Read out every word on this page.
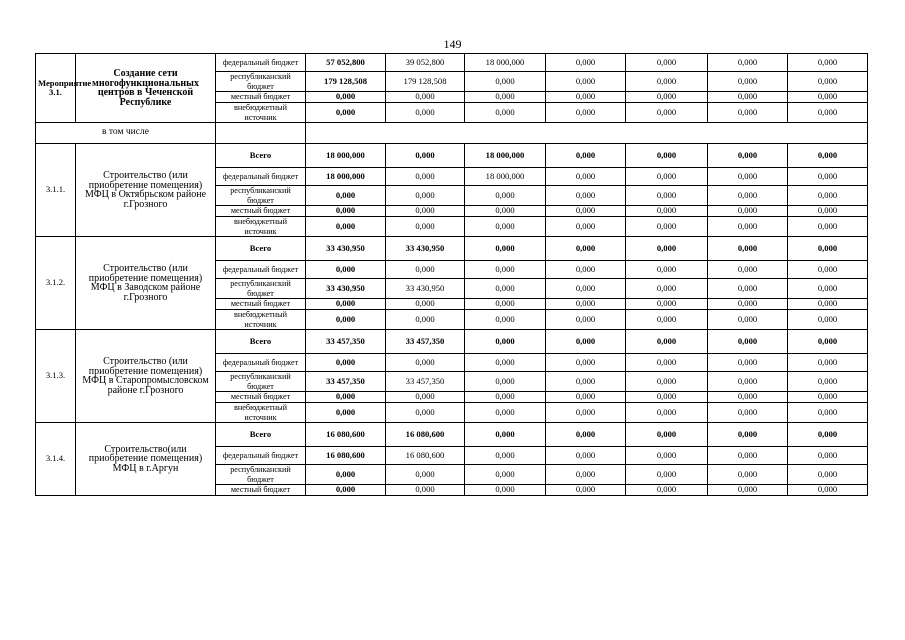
149
Мероприятие 3.1.	Создание сети многофункциональных центров в Чеченской Республике	федеральный бюджет	57 052,800	39 052,800	18 000,000	0,000	0,000	0,000	0,000
		республиканский бюджет	179 128,508	179 128,508	0,000	0,000	0,000	0,000	0,000
		местный бюджет	0,000	0,000	0,000	0,000	0,000	0,000	0,000
		внебюджетный источник	0,000	0,000	0,000	0,000	0,000	0,000	0,000
в том числе									
3.1.1.	Строительство (или приобретение помещения) МФЦ в Октябрьском районе г.Грозного	Всего	18 000,000	0,000	18 000,000	0,000	0,000	0,000	0,000
		федеральный бюджет	18 000,000	0,000	18 000,000	0,000	0,000	0,000	0,000
		республиканский бюджет	0,000	0,000	0,000	0,000	0,000	0,000	0,000
		местный бюджет	0,000	0,000	0,000	0,000	0,000	0,000	0,000
		внебюджетный источник	0,000	0,000	0,000	0,000	0,000	0,000	0,000
3.1.2.	Строительство (или приобретение помещения) МФЦ в Заводском районе г.Грозного	Всего	33 430,950	33 430,950	0,000	0,000	0,000	0,000	0,000
		федеральный бюджет	0,000	0,000	0,000	0,000	0,000	0,000	0,000
		республиканский бюджет	33 430,950	33 430,950	0,000	0,000	0,000	0,000	0,000
		местный бюджет	0,000	0,000	0,000	0,000	0,000	0,000	0,000
		внебюджетный источник	0,000	0,000	0,000	0,000	0,000	0,000	0,000
3.1.3.	Строительство (или приобретение помещения) МФЦ в Старопромысловском районе г.Грозного	Всего	33 457,350	33 457,350	0,000	0,000	0,000	0,000	0,000
		федеральный бюджет	0,000	0,000	0,000	0,000	0,000	0,000	0,000
		республиканский бюджет	33 457,350	33 457,350	0,000	0,000	0,000	0,000	0,000
		местный бюджет	0,000	0,000	0,000	0,000	0,000	0,000	0,000
		внебюджетный источник	0,000	0,000	0,000	0,000	0,000	0,000	0,000
3.1.4.	Строительство(или приобретение помещения) МФЦ в г.Аргун	Всего	16 080,600	16 080,600	0,000	0,000	0,000	0,000	0,000
		федеральный бюджет	16 080,600	16 080,600	0,000	0,000	0,000	0,000	0,000
		республиканский бюджет	0,000	0,000	0,000	0,000	0,000	0,000	0,000
		местный бюджет	0,000	0,000	0,000	0,000	0,000	0,000	0,000
